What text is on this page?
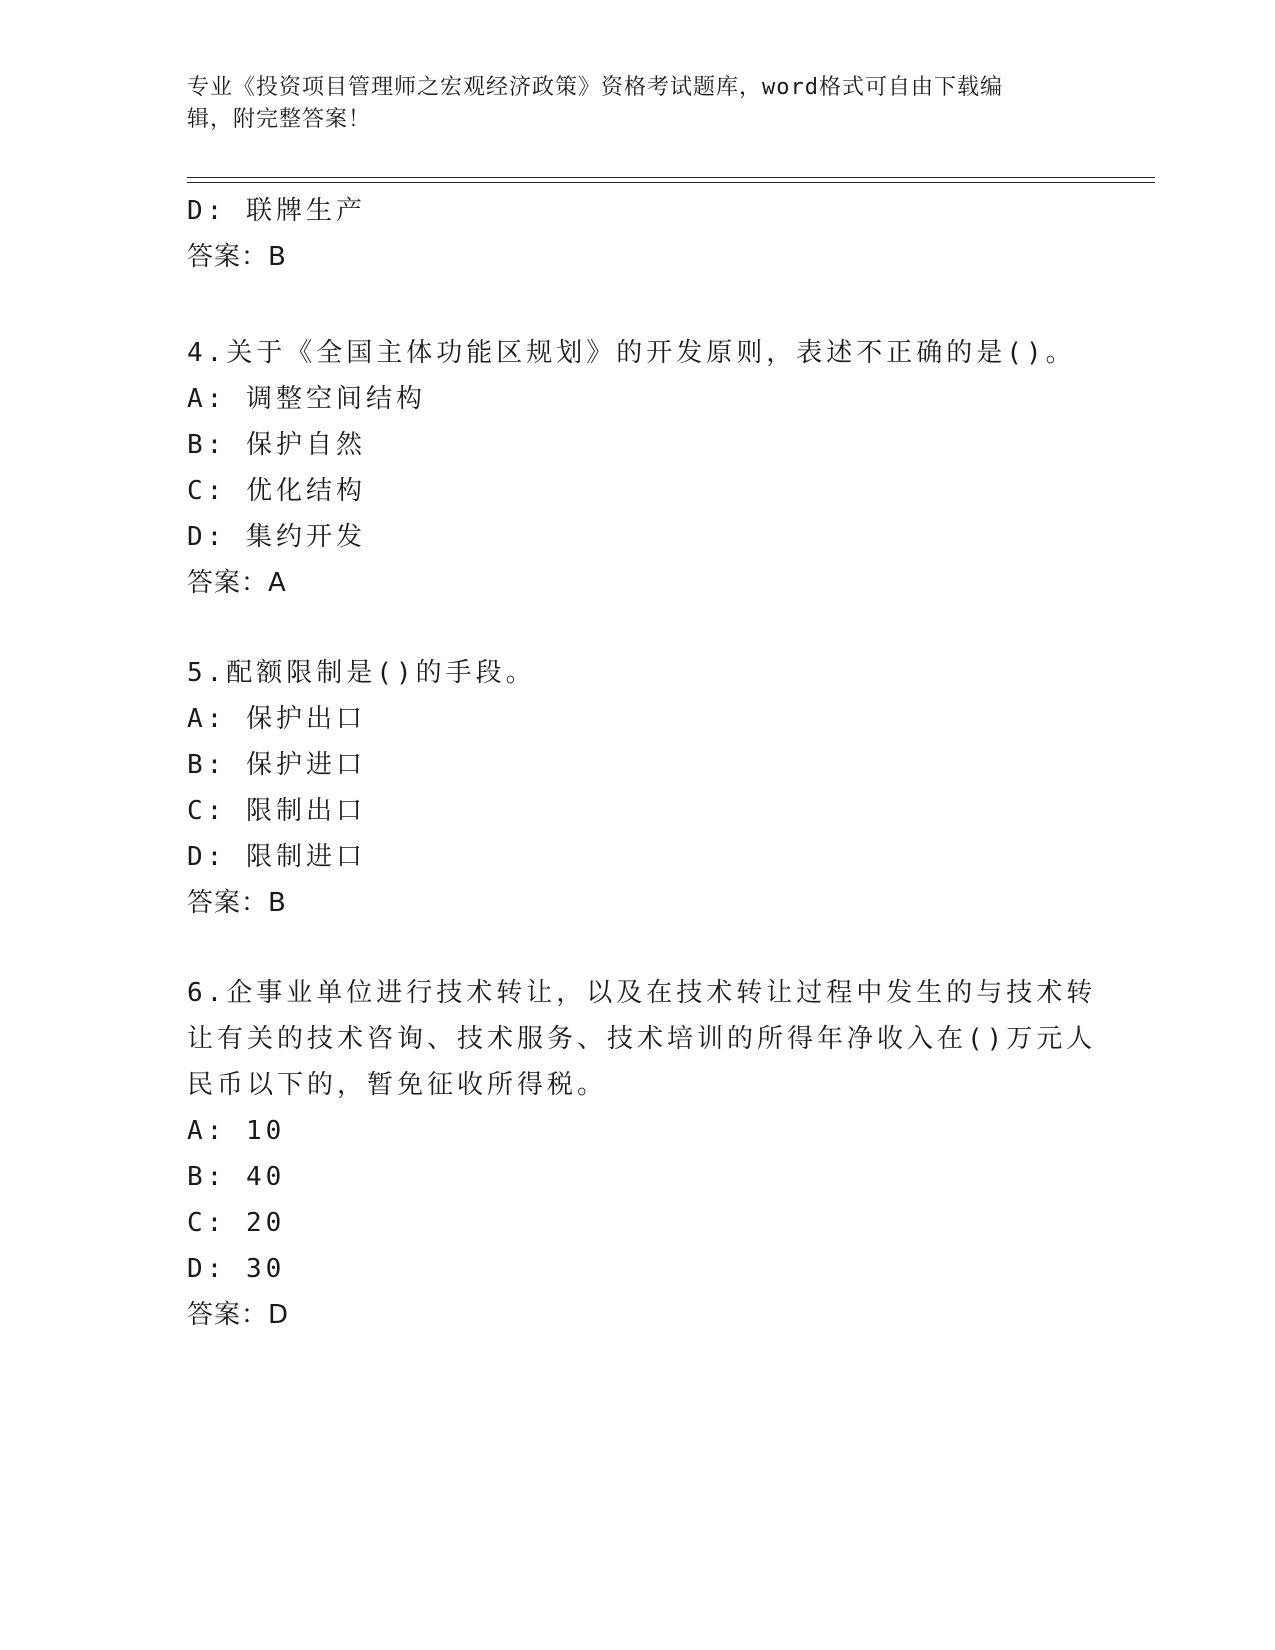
专业《投资项目管理师之宏观经济政策》资格考试题库，word格式可自由下载编
辑，附完整答案！
D: 联牌生产
答案：B
4.关于《全国主体功能区规划》的开发原则，表述不正确的是()。
A: 调整空间结构
B: 保护自然
C: 优化结构
D: 集约开发
答案：A
5.配额限制是()的手段。
A: 保护出口
B: 保护进口
C: 限制出口
D: 限制进口
答案：B
6.企事业单位进行技术转让，以及在技术转让过程中发生的与技术转
让有关的技术咨询、技术服务、技术培训的所得年净收入在()万元人
民币以下的，暂免征收所得税。
A: 10
B: 40
C: 20
D: 30
答案：D
